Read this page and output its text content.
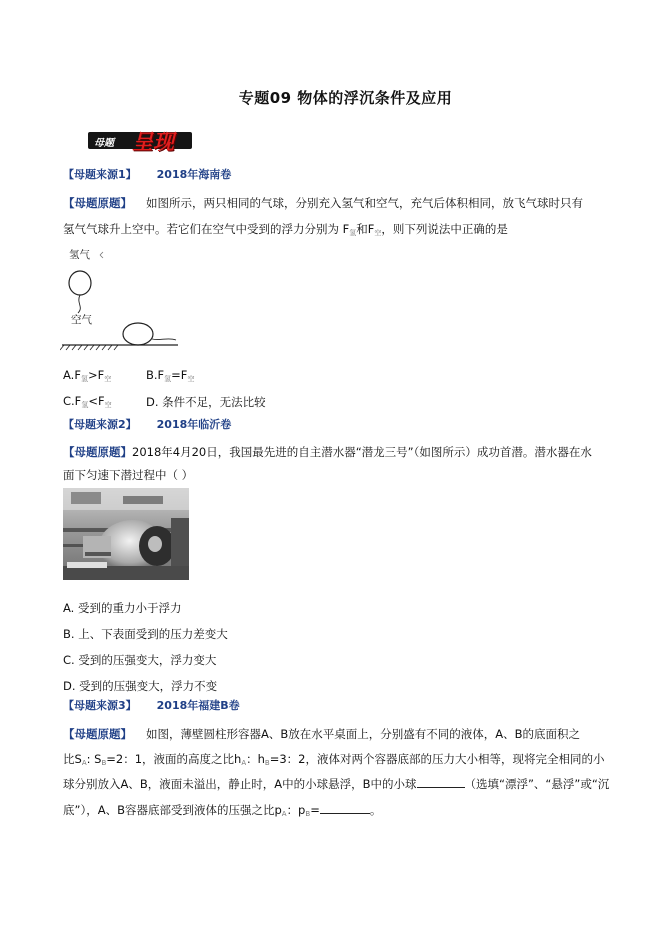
专题09 物体的浮沉条件及应用
母题 呈现
【母题来源1】 2018年海南卷
【母题原题】 如图所示，两只相同的气球，分别充入氢气和空气，充气后体积相同，放飞气球时只有
氢气气球升上空中。若它们在空气中受到的浮力分别为 $F_氢$和$F_空$，则下列说法中正确的是
氢气
空气
$A.F_氢>F_空$	$B.F_氢=F_空$
$C.F_氢<F_空$	D. 条件不足，无法比较
【母题来源2】 2018年临沂卷
【母题原题】2018年4月20日，我国最先进的自主潜水器“潜龙三号”（如图所示）成功首潜。潜水器在水
面下匀速下潜过程中（ ）
A. 受到的重力小于浮力
B. 上、下表面受到的压力差变大
C. 受到的压强变大，浮力变大
D. 受到的压强变大，浮力不变
【母题来源3】 2018年福建B卷
【母题原题】 如图，薄壁圆柱形容器A、B放在水平桌面上，分别盛有不同的液体，A、B的底面积之
比$S_A$: $S_B=2$：1，液面的高度之比$h_A$：$h_B=3$：2，液体对两个容器底部的压力大小相等，现将完全相同的小
球分别放入A、B，液面未溢出，静止时，A中的小球悬浮，B中的小球	（选填“漂浮”、“悬浮”或“沉
底”），A、B容器底部受到液体的压强之比$p_A$：$p_B=$	。
